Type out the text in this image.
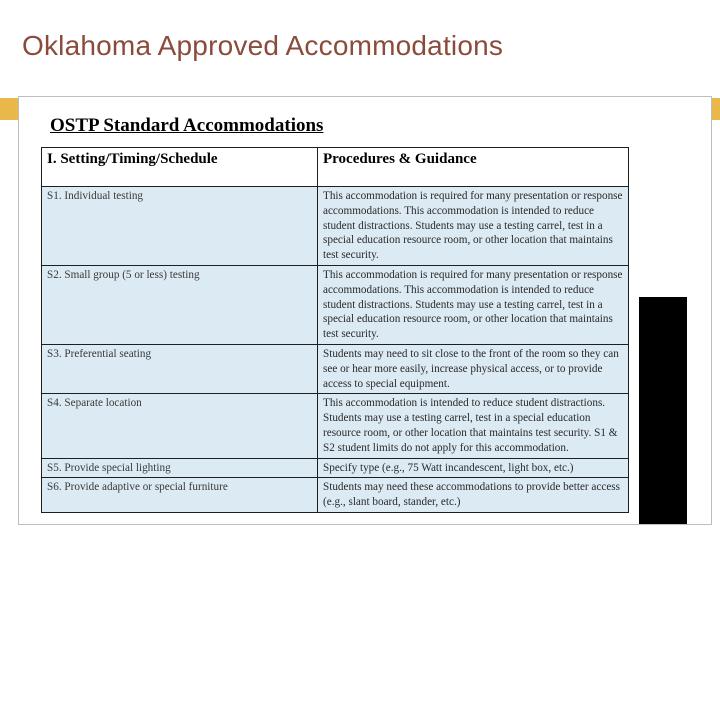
Oklahoma Approved Accommodations
OSTP Standard Accommodations
I. Setting/Timing/Schedule	Procedures & Guidance
S1. Individual testing	This accommodation is required for many presentation or response accommodations. This accommodation is intended to reduce student distractions. Students may use a testing carrel, test in a special education resource room, or other location that maintains test security.
S2. Small group (5 or less) testing	This accommodation is required for many presentation or response accommodations. This accommodation is intended to reduce student distractions. Students may use a testing carrel, test in a special education resource room, or other location that maintains test security.
S3. Preferential seating	Students may need to sit close to the front of the room so they can see or hear more easily, increase physical access, or to provide access to special equipment.
S4. Separate location	This accommodation is intended to reduce student distractions. Students may use a testing carrel, test in a special education resource room, or other location that maintains test security. S1 & S2 student limits do not apply for this accommodation.
S5. Provide special lighting	Specify type (e.g., 75 Watt incandescent, light box, etc.)
S6. Provide adaptive or special furniture	Students may need these accommodations to provide better access (e.g., slant board, stander, etc.)
OSTP Accommodations for Students with an IEP or 504 Plan
